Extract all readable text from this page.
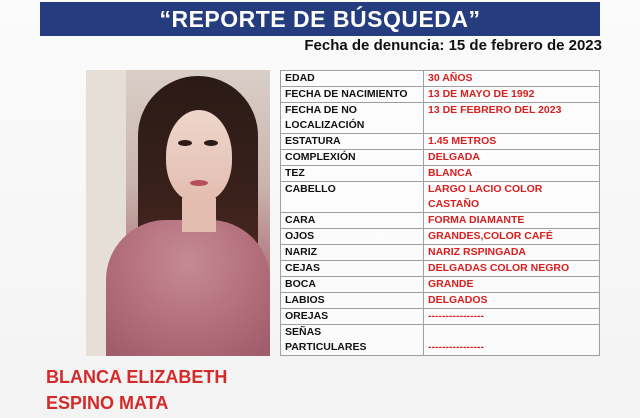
“REPORTE DE BÚSQUEDA”
Fecha de denuncia: 15 de febrero de 2023
EDAD	30 AÑOS
FECHA DE NACIMIENTO	13 DE MAYO DE 1992
FECHA DE NO
LOCALIZACIÓN	13 DE FEBRERO DEL 2023
ESTATURA	1.45 METROS
COMPLEXIÓN	DELGADA
TEZ	BLANCA
CABELLO	LARGO LACIO COLOR
CASTAÑO
CARA	FORMA DIAMANTE
OJOS	GRANDES,COLOR CAFÉ
NARIZ	NARIZ RSPINGADA
CEJAS	DELGADAS COLOR NEGRO
BOCA	GRANDE
LABIOS	DELGADOS
OREJAS	----------------
SEÑAS
PARTICULARES	----------------
BLANCA ELIZABETH
ESPINO MATA
